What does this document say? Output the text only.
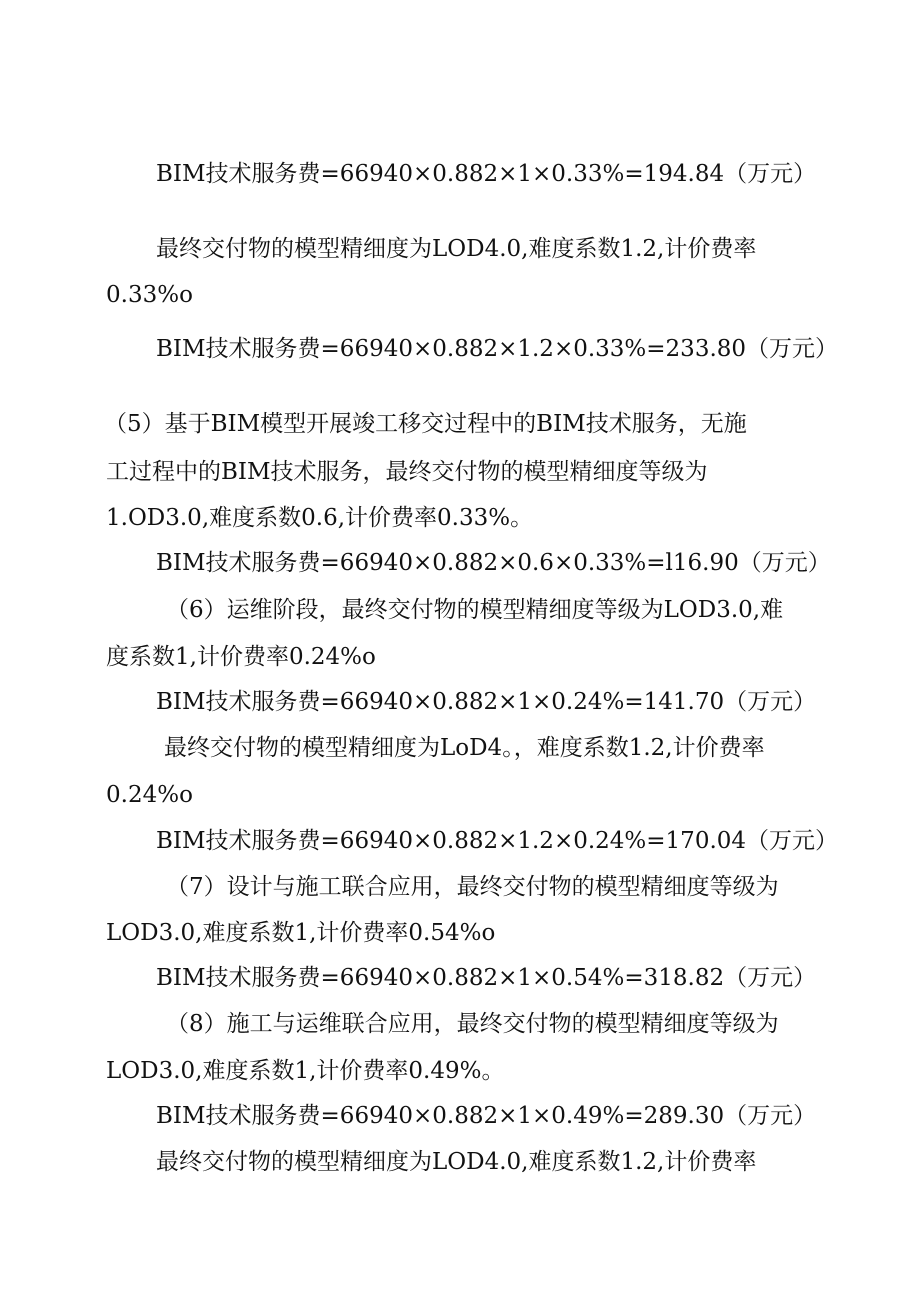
BIM技术服务费=66940×0.882×1×0.33%=194.84（万元）
最终交付物的模型精细度为LOD4.0,难度系数1.2,计价费率
0.33%o
BIM技术服务费=66940×0.882×1.2×0.33%=233.80（万元）
（5）基于BIM模型开展竣工移交过程中的BIM技术服务，无施
工过程中的BIM技术服务，最终交付物的模型精细度等级为
1.OD3.0,难度系数0.6,计价费率0.33%。
BIM技术服务费=66940×0.882×0.6×0.33%=l16.90（万元）
（6）运维阶段，最终交付物的模型精细度等级为LOD3.0,难
度系数1,计价费率0.24%o
BIM技术服务费=66940×0.882×1×0.24%=141.70（万元）
最终交付物的模型精细度为LoD4。，难度系数1.2,计价费率
0.24%o
BIM技术服务费=66940×0.882×1.2×0.24%=170.04（万元）
（7）设计与施工联合应用，最终交付物的模型精细度等级为
LOD3.0,难度系数1,计价费率0.54%o
BIM技术服务费=66940×0.882×1×0.54%=318.82（万元）
（8）施工与运维联合应用，最终交付物的模型精细度等级为
LOD3.0,难度系数1,计价费率0.49%。
BIM技术服务费=66940×0.882×1×0.49%=289.30（万元）
最终交付物的模型精细度为LOD4.0,难度系数1.2,计价费率
